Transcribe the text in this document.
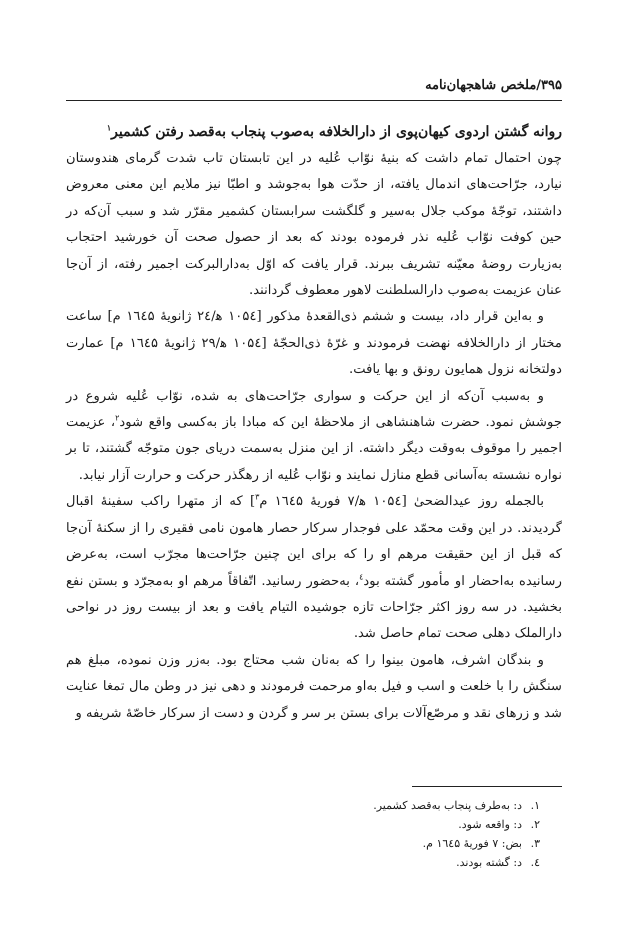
٣٩۵/ملخص شاهجهان‌نامه

روانه گشتن اردوی کیهان‌پوی از دارالخلافه به‌صوب پنجاب به‌قصد رفتن کشمیر$^١$

چون احتمال تمام داشت که بنیۀ نوّاب عُلیه در این تابستان تاب شدت گرمای هندوستان نیارد، جرّاحت‌های اندمال یافته، از حدّت هوا به‌جوشد و اطبّا نیز ملایم این معنی معروض داشتند، توجّۀ موکب جلال به‌سیر و گلگشت سرابستان کشمیر مقرّر شد و سبب آن‌که در حین کوفت نوّاب عُلیه نذر فرموده بودند که بعد از حصول صحت آن خورشید احتجاب به‌زیارت روضۀ معیّنه تشریف ببرند. قرار یافت که اوّل به‌دارالبرکت اجمیر رفته، از آن‌جا عنان عزیمت به‌صوب دارالسلطنت لاهور معطوف گردانند.

و به‌این قرار داد، بیست و ششم ذی‌القعدۀ مذکور [١٠۵٤ ه‍/٢٤ ژانویۀ ١٦٤۵ م] ساعت مختار از دارالخلافه نهضت فرمودند و غرّۀ ذی‌الحجّۀ [١٠۵٤ ه‍/٢٩ ژانویۀ ١٦٤۵ م] عمارت دولتخانه نزول همایون رونق و بها یافت.

و به‌سبب آن‌که از این حرکت و سواری جرّاحت‌های به شده، نوّاب عُلیه شروع در جوشش نمود. حضرت شاهنشاهی از ملاحظۀ این که مبادا باز به‌کسی واقع شود$^٢$، عزیمت اجمیر را موقوف به‌وقت دیگر داشته. از این منزل به‌سمت دریای جون متوجّه گشتند، تا بر نواره نشسته به‌آسانی قطع منازل نمایند و نوّاب عُلیه از رهگذر حرکت و حرارت آزار نیابد.

بالجمله روز عیدالضحیٰ [١٠۵٤ ه‍/٧ فوریۀ ١٦٤۵ م$^٣$] که از متهرا راکب سفینۀ اقبال گردیدند. در این وقت محمّد علی فوجدار سرکار حصار هامون نامی فقیری را از سکنۀ آن‌جا که قبل از این حقیقت مرهم او را که برای این چنین جرّاحت‌ها مجرّب است، به‌عرض رسانیده به‌احضار او مأمور گشته بود$^٤$، به‌حضور رسانید. اتّفاقاً مرهم او به‌مجرّد و بستن نفع بخشید. در سه روز اکثر جرّاحات تازه جوشیده التیام یافت و بعد از بیست روز در نواحی دارالملک دهلی صحت تمام حاصل شد.

و بندگان اشرف، هامون بینوا را که به‌نان شب محتاج بود. به‌زر وزن نموده، مبلغ هم سنگش را با خلعت و اسب و فیل به‌او مرحمت فرمودند و دهی نیز در وطن مال تمغا عنایت شد و زرهای نقد و مرصّع‌آلات برای بستن بر سر و گردن و دست از سرکار خاصّۀ شریفه و

١.د: به‌طرف پنجاب به‌قصد کشمیر.

٢.د: واقعه شود.

٣.بض: ٧ فوریۀ ١٦٤۵ م.

٤.د: گشته بودند.
